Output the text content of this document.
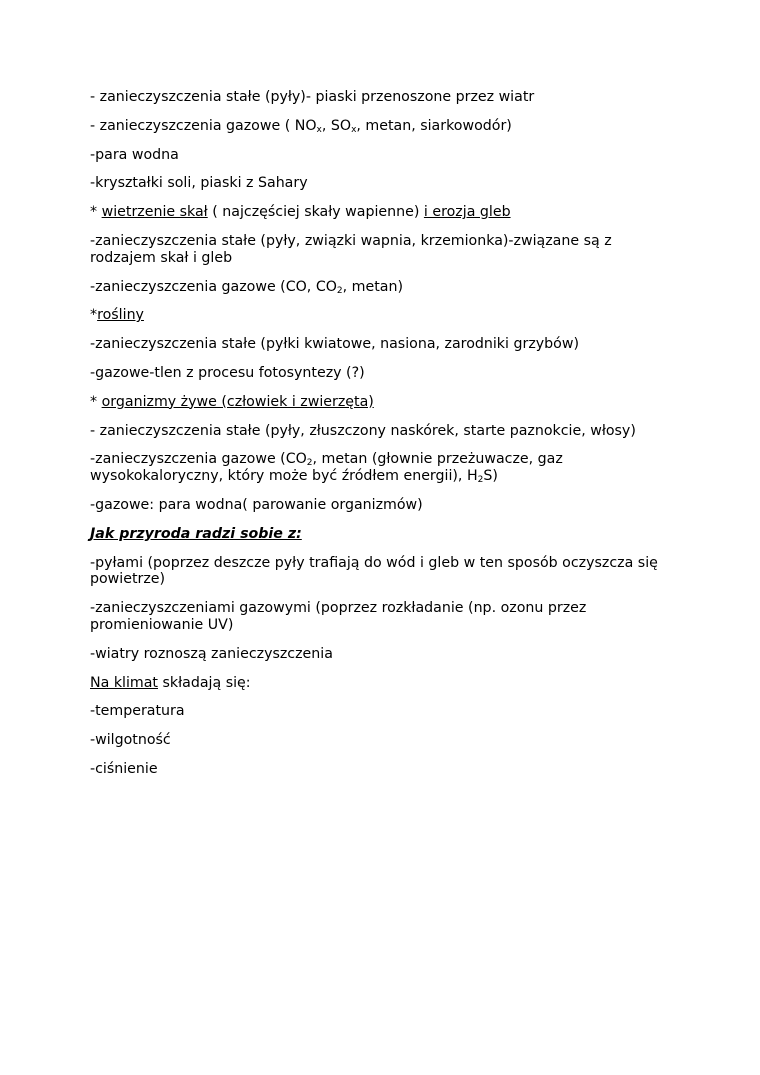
- zanieczyszczenia stałe (pyły)- piaski przenoszone przez wiatr

- zanieczyszczenia gazowe ( $NO_x$, $SO_x$, metan, siarkowodór)

-para wodna

-kryształki soli, piaski z Sahary

* wietrzenie skał ( najczęściej skały wapienne) i erozja gleb

-zanieczyszczenia stałe (pyły, związki wapnia, krzemionka)-związane są z rodzajem skał i gleb

-zanieczyszczenia gazowe (CO, $CO_2$, metan)

*rośliny

-zanieczyszczenia stałe (pyłki kwiatowe, nasiona, zarodniki grzybów)

-gazowe-tlen z procesu fotosyntezy (?)

* organizmy żywe (człowiek i zwierzęta)

- zanieczyszczenia stałe (pyły, złuszczony naskórek, starte paznokcie, włosy)

-zanieczyszczenia gazowe ($CO_2$, metan (głownie przeżuwacze, gaz wysokokaloryczny, który może być źródłem energii), $H_2S$)

-gazowe: para wodna( parowanie organizmów)

Jak przyroda radzi sobie z:

-pyłami (poprzez deszcze pyły trafiają do wód i gleb w ten sposób oczyszcza się powietrze)

-zanieczyszczeniami gazowymi (poprzez rozkładanie (np. ozonu przez promieniowanie UV)

-wiatry roznoszą zanieczyszczenia

Na klimat składają się:

-temperatura

-wilgotność

-ciśnienie
